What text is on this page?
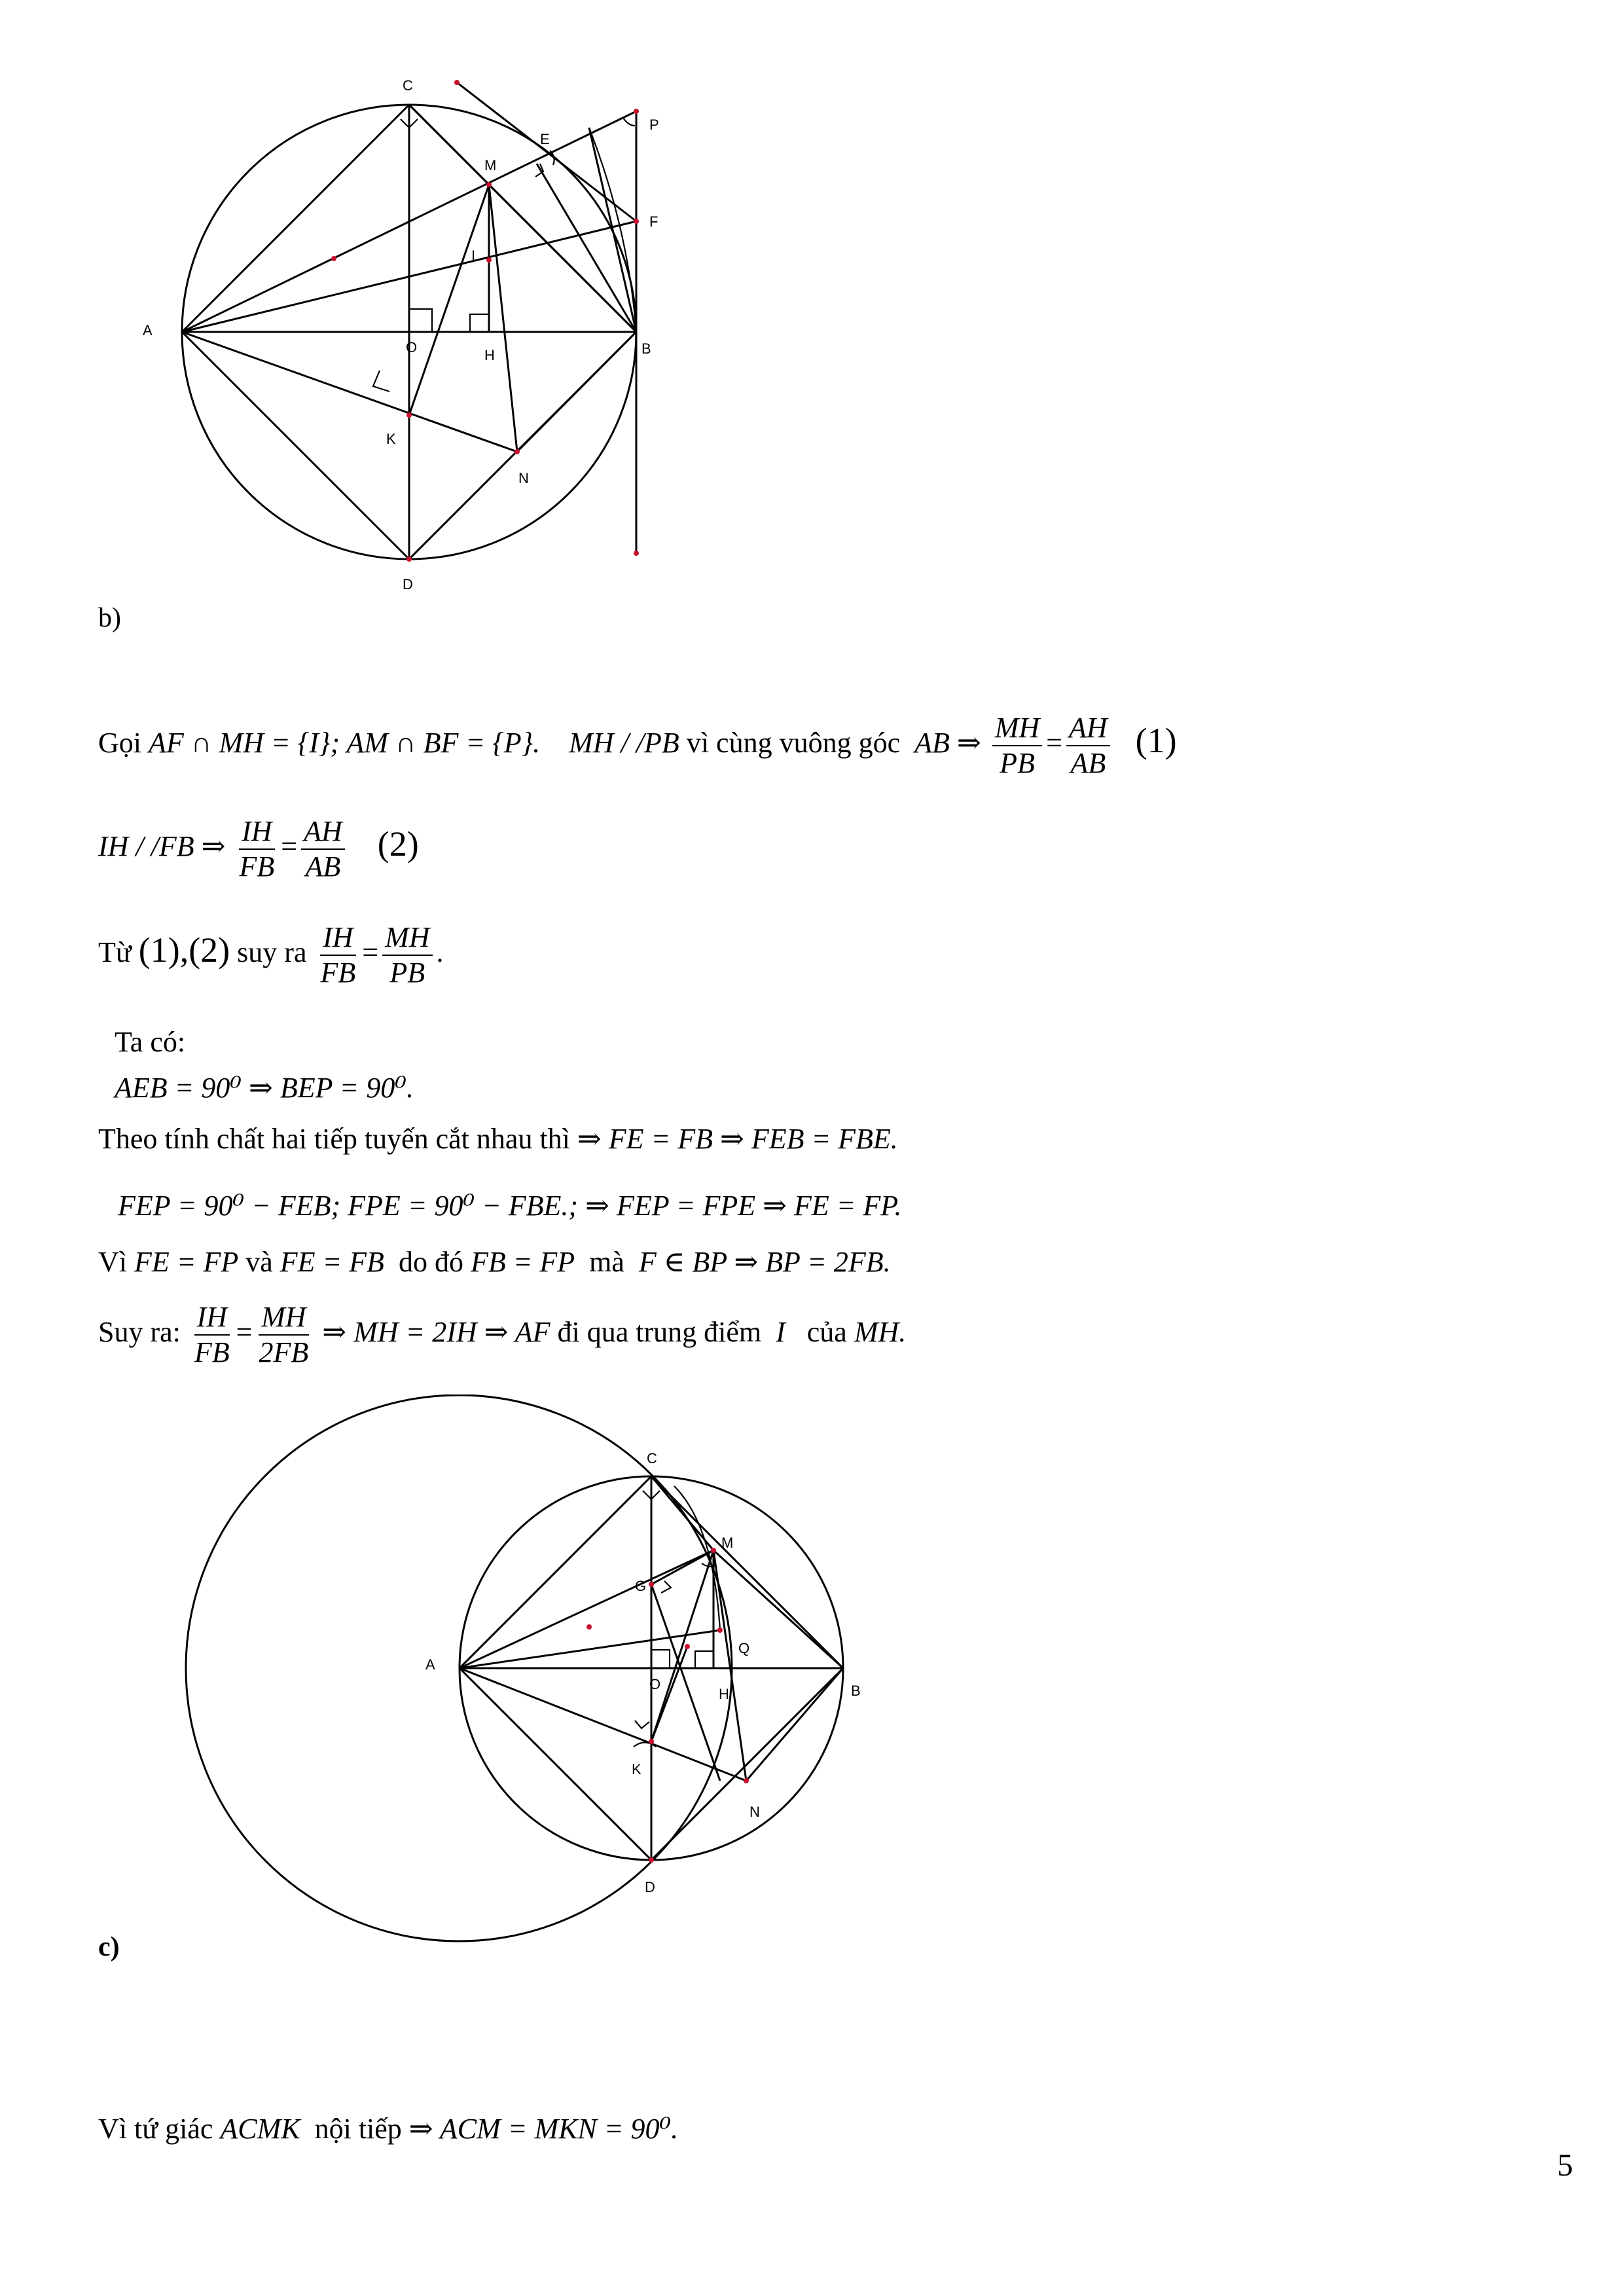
C
E
P
M
F
I
A
O	H	B
K
N
D
b)
Gọi AF ∩ MH = {I}; AM ∩ BF = {P}. MH / /PB vì cùng vuông góc AB ⇒ $\frac{MH}{PB} = \frac{AH}{AB} (1)$
IH / /FB ⇒ $\frac{IH}{FB} = \frac{AH}{AB} (2)$
Từ (1),(2) suy ra $\frac{IH}{FB} = \frac{MH}{PB}$ .
Ta có:
AEB = 90⁰ ⇒ BEP = 90⁰.
Theo tính chất hai tiếp tuyến cắt nhau thì ⇒ FE = FB ⇒ FEB = FBE.
FEP = 90⁰ − FEB; FPE = 90⁰ − FBE.; ⇒ FEP = FPE ⇒ FE = FP.
Vì FE = FP và FE = FB do đó FB = FP mà F ∈ BP ⇒ BP = 2FB.
Suy ra: $\frac{IH}{FB} = \frac{MH}{2FB}$ ⇒ MH = 2IH ⇒ AF đi qua trung điểm I của MH.
C
M
G
Q
A
O
H	B
K
N
D
c)
Vì tứ giác ACMK nội tiếp ⇒ ACM = MKN = 90⁰.
5
